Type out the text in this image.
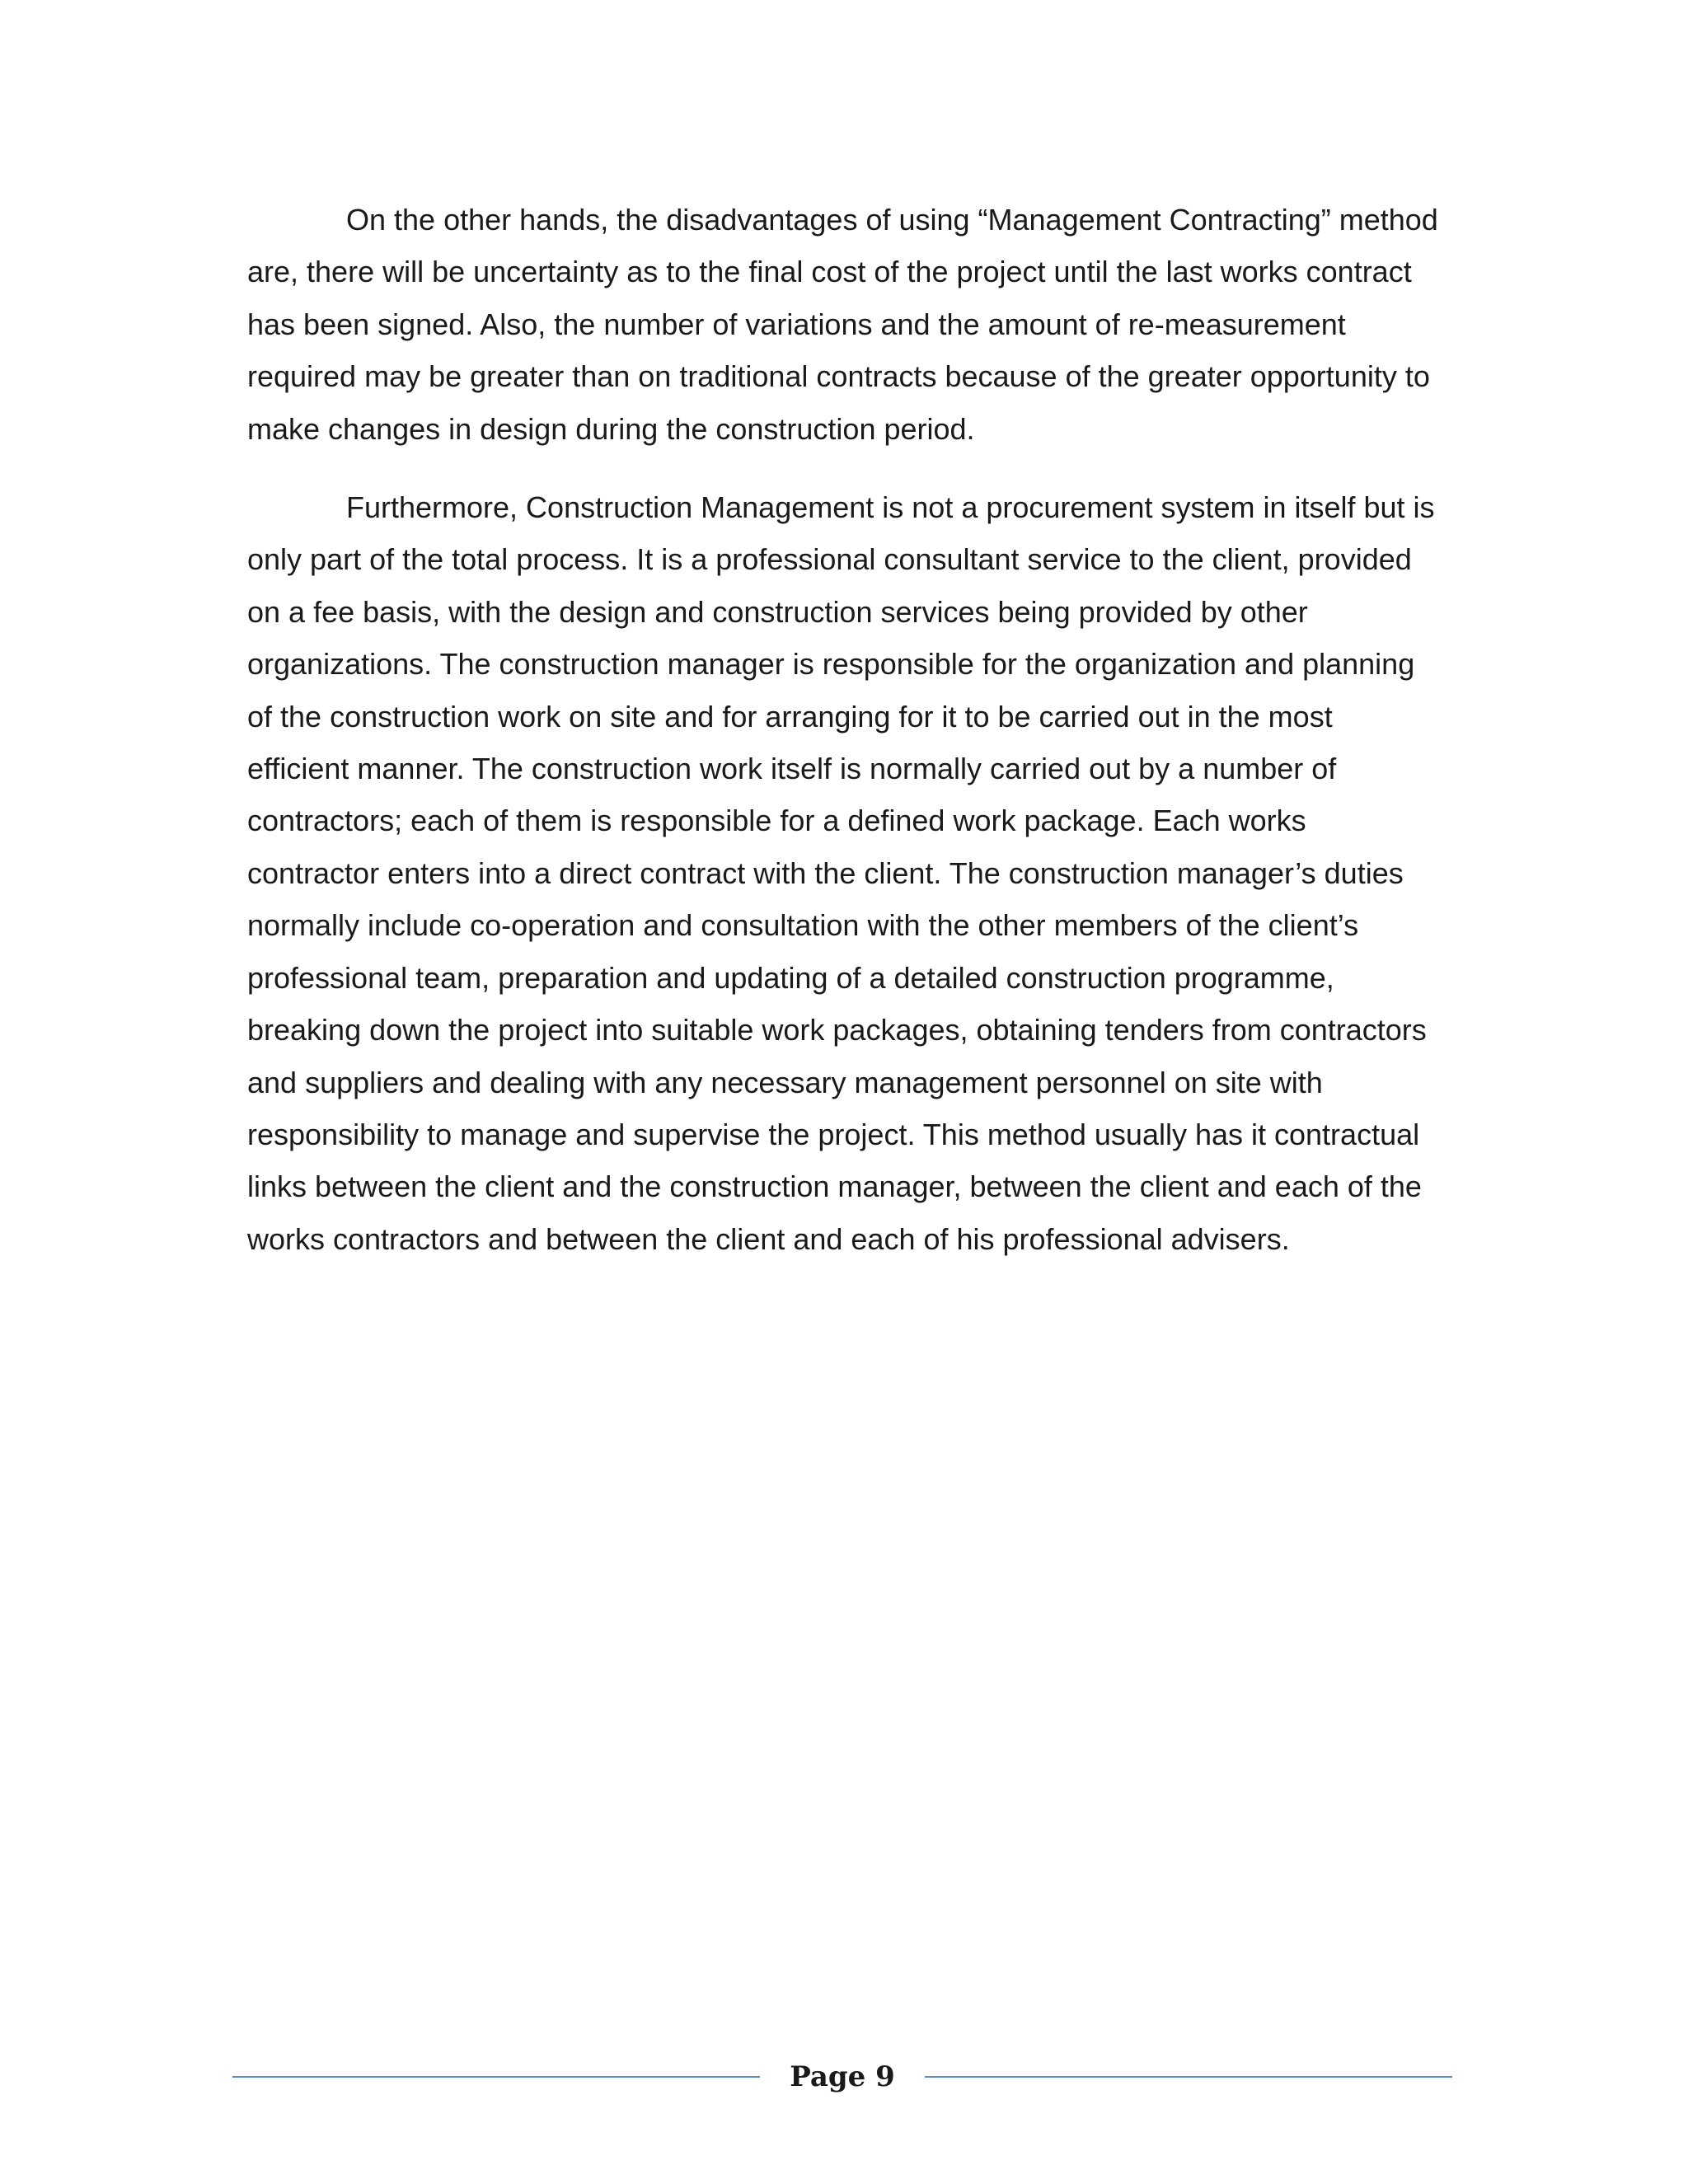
On the other hands, the disadvantages of using “Management Contracting” method are, there will be uncertainty as to the final cost of the project until the last works contract has been signed. Also, the number of variations and the amount of re-measurement required may be greater than on traditional contracts because of the greater opportunity to make changes in design during the construction period.

Furthermore, Construction Management is not a procurement system in itself but is only part of the total process. It is a professional consultant service to the client, provided on a fee basis, with the design and construction services being provided by other organizations. The construction manager is responsible for the organization and planning of the construction work on site and for arranging for it to be carried out in the most efficient manner. The construction work itself is normally carried out by a number of contractors; each of them is responsible for a defined work package. Each works contractor enters into a direct contract with the client. The construction manager’s duties normally include co-operation and consultation with the other members of the client’s professional team, preparation and updating of a detailed construction programme, breaking down the project into suitable work packages, obtaining tenders from contractors and suppliers and dealing with any necessary management personnel on site with responsibility to manage and supervise the project. This method usually has it contractual links between the client and the construction manager, between the client and each of the works contractors and between the client and each of his professional advisers.

Page 9
